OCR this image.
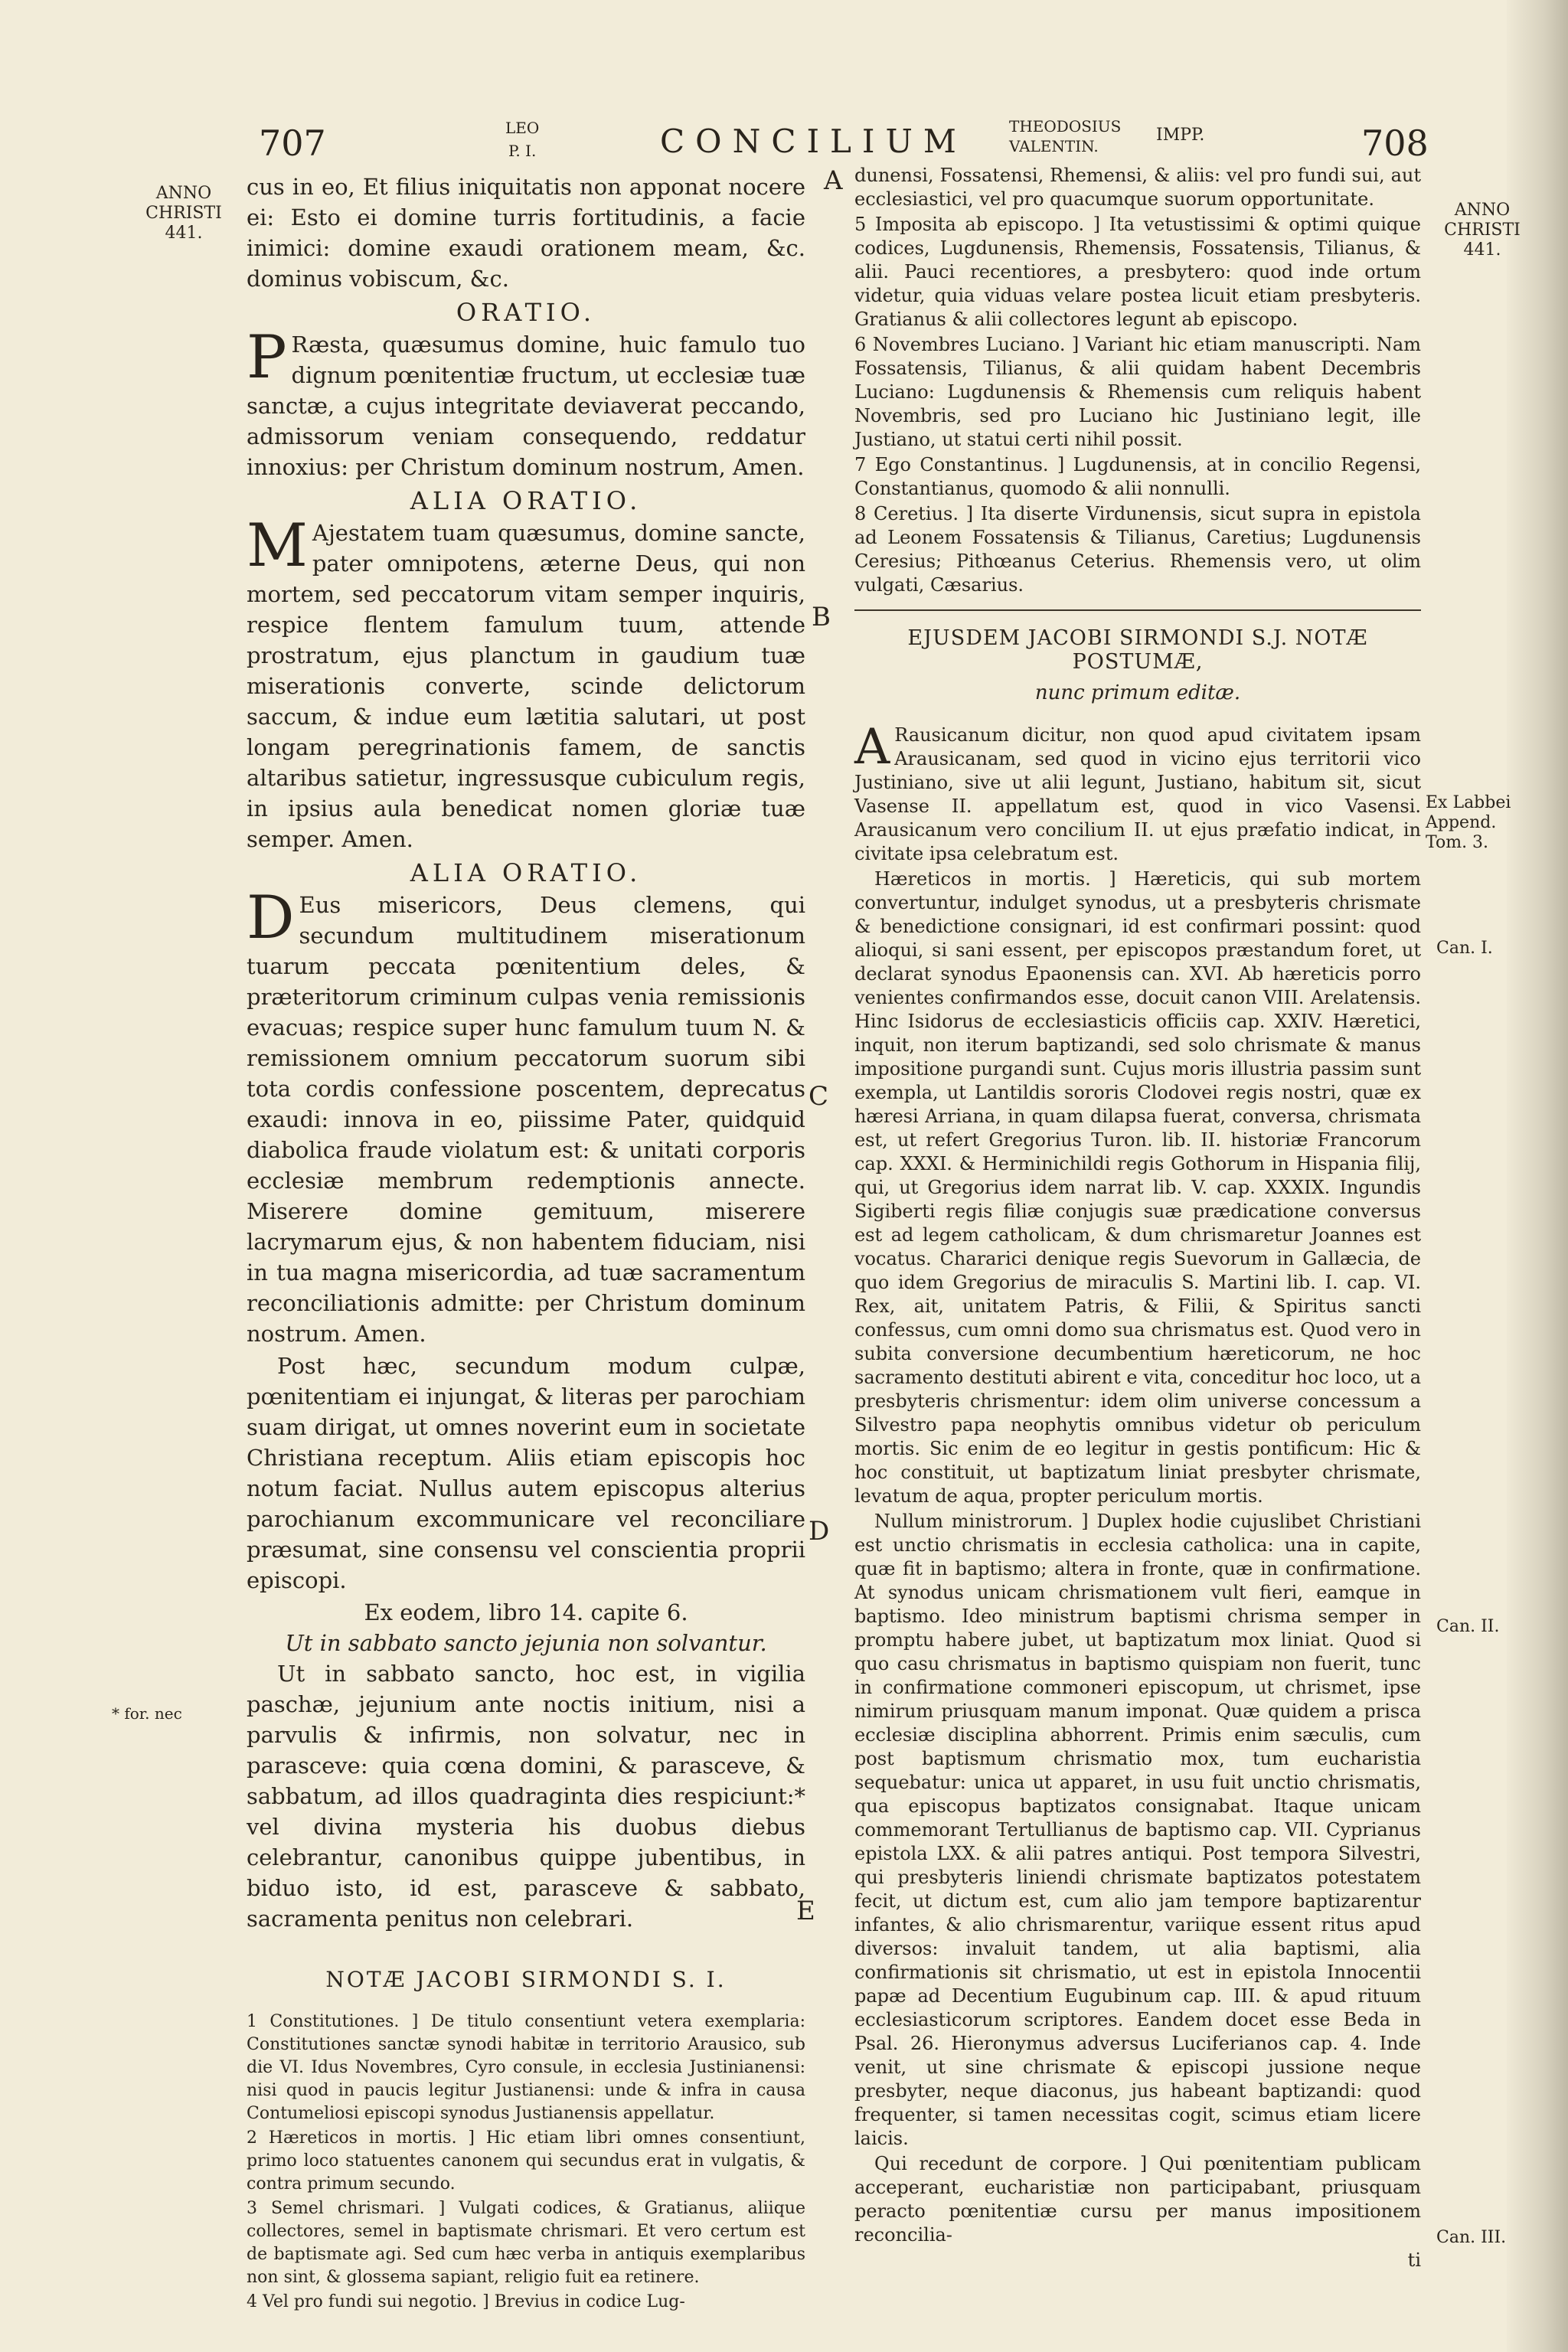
707	LEO
P. I.	CONCILIUM	THEODOSIUS
VALENTIN.
IMPP.	708
ANNO
CHRISTI
441.
ANNO
CHRISTI
441.
Ex Labbei Append. Tom. 3.
Can. I.
Can. II.
Can. III.
* for. nec
A
B
C
D
E

cus in eo, Et filius iniquitatis non apponat nocere ei: Esto ei domine turris fortitudinis, a facie inimici: domine exaudi orationem meam, &c. dominus vobiscum, &c.

ORATIO.

P Ræsta, quæsumus domine, huic famulo tuo dignum pœnitentiæ fructum, ut ecclesiæ tuæ sanctæ, a cujus integritate deviaverat peccando, admissorum veniam consequendo, reddatur innoxius: per Christum dominum nostrum, Amen.

ALIA ORATIO.

M Ajestatem tuam quæsumus, domine sancte, pater omnipotens, æterne Deus, qui non mortem, sed peccatorum vitam semper inquiris, respice flentem famulum tuum, attende prostratum, ejus planctum in gaudium tuæ miserationis converte, scinde delictorum saccum, & indue eum lætitia salutari, ut post longam peregrinationis famem, de sanctis altaribus satietur, ingressusque cubiculum regis, in ipsius aula benedicat nomen gloriæ tuæ semper. Amen.

ALIA ORATIO.

D Eus misericors, Deus clemens, qui secundum multitudinem miserationum tuarum peccata pœnitentium deles, & præteritorum criminum culpas venia remissionis evacuas; respice super hunc famulum tuum N. & remissionem omnium peccatorum suorum sibi tota cordis confessione poscentem, deprecatus exaudi: innova in eo, piissime Pater, quidquid diabolica fraude violatum est: & unitati corporis ecclesiæ membrum redemptionis annecte. Miserere domine gemituum, miserere lacrymarum ejus, & non habentem fiduciam, nisi in tua magna misericordia, ad tuæ sacramentum reconciliationis admitte: per Christum dominum nostrum. Amen.

Post hæc, secundum modum culpæ, pœnitentiam ei injungat, & literas per parochiam suam dirigat, ut omnes noverint eum in societate Christiana receptum. Aliis etiam episcopis hoc notum faciat. Nullus autem episcopus alterius parochianum excommunicare vel reconciliare præsumat, sine consensu vel conscientia proprii episcopi.

Ex eodem, libro 14. capite 6.
Ut in sabbato sancto jejunia non solvantur.

Ut in sabbato sancto, hoc est, in vigilia paschæ, jejunium ante noctis initium, nisi a parvulis & infirmis, non solvatur, nec in parasceve: quia cœna domini, & parasceve, & sabbatum, ad illos quadraginta dies respiciunt:* vel divina mysteria his duobus diebus celebrantur, canonibus quippe jubentibus, in biduo isto, id est, parasceve & sabbato, sacramenta penitus non celebrari.

NOTÆ JACOBI SIRMONDI S. I.

1 Constitutiones. ] De titulo consentiunt vetera exemplaria: Constitutiones sanctæ synodi habitæ in territorio Arausico, sub die VI. Idus Novembres, Cyro consule, in ecclesia Justinianensi: nisi quod in paucis legitur Justianensi: unde & infra in causa Contumeliosi episcopi synodus Justianensis appellatur.

2 Hæreticos in mortis. ] Hic etiam libri omnes consentiunt, primo loco statuentes canonem qui secundus erat in vulgatis, & contra primum secundo.

3 Semel chrismari. ] Vulgati codices, & Gratianus, aliique collectores, semel in baptismate chrismari. Et vero certum est de baptismate agi. Sed cum hæc verba in antiquis exemplaribus non sint, & glossema sapiant, religio fuit ea retinere.

4 Vel pro fundi sui negotio. ] Brevius in codice Lug-

dunensi, Fossatensi, Rhemensi, & aliis: vel pro fundi sui, aut ecclesiastici, vel pro quacumque suorum opportunitate.

5 Imposita ab episcopo. ] Ita vetustissimi & optimi quique codices, Lugdunensis, Rhemensis, Fossatensis, Tilianus, & alii. Pauci recentiores, a presbytero: quod inde ortum videtur, quia viduas velare postea licuit etiam presbyteris. Gratianus & alii collectores legunt ab episcopo.

6 Novembres Luciano. ] Variant hic etiam manuscripti. Nam Fossatensis, Tilianus, & alii quidam habent Decembris Luciano: Lugdunensis & Rhemensis cum reliquis habent Novembris, sed pro Luciano hic Justiniano legit, ille Justiano, ut statui certi nihil possit.

7 Ego Constantinus. ] Lugdunensis, at in concilio Regensi, Constantianus, quomodo & alii nonnulli.

8 Ceretius. ] Ita diserte Virdunensis, sicut supra in epistola ad Leonem Fossatensis & Tilianus, Caretius; Lugdunensis Ceresius; Pithœanus Ceterius. Rhemensis vero, ut olim vulgati, Cæsarius.

EJUSDEM JACOBI SIRMONDI S.J. NOTÆ POSTUMÆ,
nunc primum editæ.

A Rausicanum dicitur, non quod apud civitatem ipsam Arausicanam, sed quod in vicino ejus territorii vico Justiniano, sive ut alii legunt, Justiano, habitum sit, sicut Vasense II. appellatum est, quod in vico Vasensi. Arausicanum vero concilium II. ut ejus præfatio indicat, in civitate ipsa celebratum est.

Hæreticos in mortis. ] Hæreticis, qui sub mortem convertuntur, indulget synodus, ut a presbyteris chrismate & benedictione consignari, id est confirmari possint: quod alioqui, si sani essent, per episcopos præstandum foret, ut declarat synodus Epaonensis can. XVI. Ab hæreticis porro venientes confirmandos esse, docuit canon VIII. Arelatensis. Hinc Isidorus de ecclesiasticis officiis cap. XXIV. Hæretici, inquit, non iterum baptizandi, sed solo chrismate & manus impositione purgandi sunt. Cujus moris illustria passim sunt exempla, ut Lantildis sororis Clodovei regis nostri, quæ ex hæresi Arriana, in quam dilapsa fuerat, conversa, chrismata est, ut refert Gregorius Turon. lib. II. historiæ Francorum cap. XXXI. & Herminichildi regis Gothorum in Hispania filij, qui, ut Gregorius idem narrat lib. V. cap. XXXIX. Ingundis Sigiberti regis filiæ conjugis suæ prædicatione conversus est ad legem catholicam, & dum chrismaretur Joannes est vocatus. Chararici denique regis Suevorum in Gallæcia, de quo idem Gregorius de miraculis S. Martini lib. I. cap. VI. Rex, ait, unitatem Patris, & Filii, & Spiritus sancti confessus, cum omni domo sua chrismatus est. Quod vero in subita conversione decumbentium hæreticorum, ne hoc sacramento destituti abirent e vita, conceditur hoc loco, ut a presbyteris chrismentur: idem olim universe concessum a Silvestro papa neophytis omnibus videtur ob periculum mortis. Sic enim de eo legitur in gestis pontificum: Hic & hoc constituit, ut baptizatum liniat presbyter chrismate, levatum de aqua, propter periculum mortis.

Nullum ministrorum. ] Duplex hodie cujuslibet Christiani est unctio chrismatis in ecclesia catholica: una in capite, quæ fit in baptismo; altera in fronte, quæ in confirmatione. At synodus unicam chrismationem vult fieri, eamque in baptismo. Ideo ministrum baptismi chrisma semper in promptu habere jubet, ut baptizatum mox liniat. Quod si quo casu chrismatus in baptismo quispiam non fuerit, tunc in confirmatione commoneri episcopum, ut chrismet, ipse nimirum priusquam manum imponat. Quæ quidem a prisca ecclesiæ disciplina abhorrent. Primis enim sæculis, cum post baptismum chrismatio mox, tum eucharistia sequebatur: unica ut apparet, in usu fuit unctio chrismatis, qua episcopus baptizatos consignabat. Itaque unicam commemorant Tertullianus de baptismo cap. VII. Cyprianus epistola LXX. & alii patres antiqui. Post tempora Silvestri, qui presbyteris liniendi chrismate baptizatos potestatem fecit, ut dictum est, cum alio jam tempore baptizarentur infantes, & alio chrismarentur, variique essent ritus apud diversos: invaluit tandem, ut alia baptismi, alia confirmationis sit chrismatio, ut est in epistola Innocentii papæ ad Decentium Eugubinum cap. III. & apud rituum ecclesiasticorum scriptores. Eandem docet esse Beda in Psal. 26. Hieronymus adversus Luciferianos cap. 4. Inde venit, ut sine chrismate & episcopi jussione neque presbyter, neque diaconus, jus habeant baptizandi: quod frequenter, si tamen necessitas cogit, scimus etiam licere laicis.

Qui recedunt de corpore. ] Qui pœnitentiam publicam acceperant, eucharistiæ non participabant, priusquam peracto pœnitentiæ cursu per manus impositionem reconcilia-

ti
